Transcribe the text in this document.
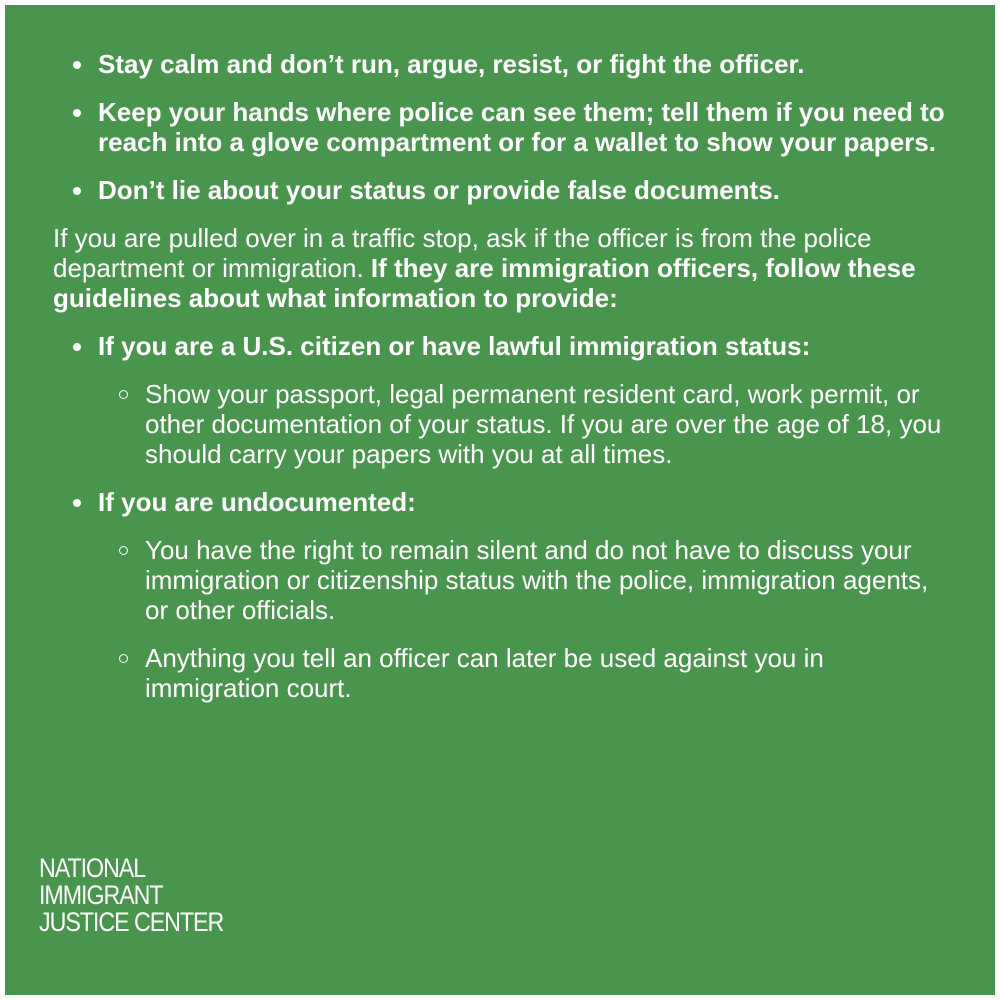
Stay calm and don’t run, argue, resist, or fight the officer.
Keep your hands where police can see them; tell them if you need to reach into a glove compartment or for a wallet to show your papers.
Don’t lie about your status or provide false documents.
If you are pulled over in a traffic stop, ask if the officer is from the police department or immigration. If they are immigration officers, follow these guidelines about what information to provide:
If you are a U.S. citizen or have lawful immigration status:
Show your passport, legal permanent resident card, work permit, or other documentation of your status. If you are over the age of 18, you should carry your papers with you at all times.
If you are undocumented:
You have the right to remain silent and do not have to discuss your immigration or citizenship status with the police, immigration agents, or other officials.
Anything you tell an officer can later be used against you in immigration court.
NATIONAL
IMMIGRANT
JUSTICE CENTER
